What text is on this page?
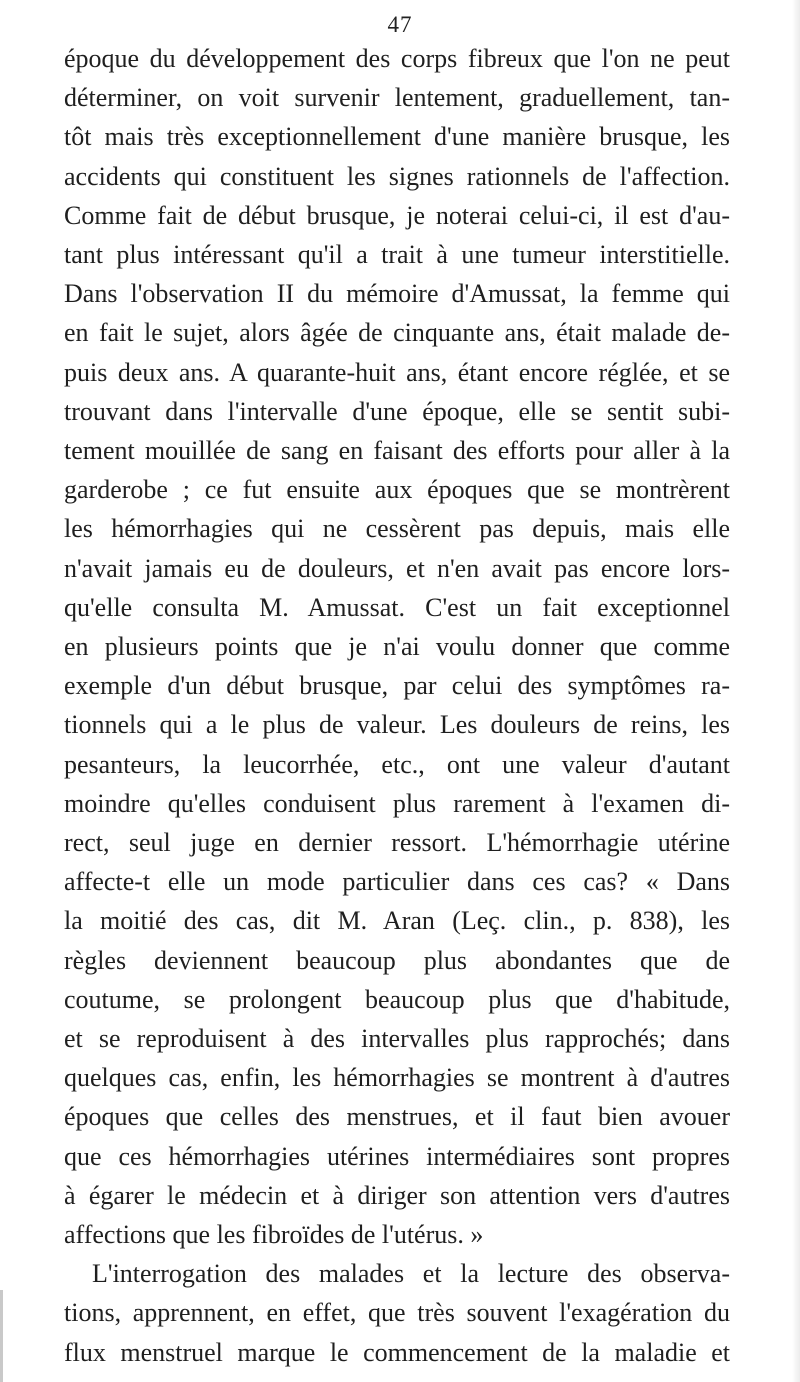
47
époque du développement des corps fibreux que l'on ne peut
déterminer, on voit survenir lentement, graduellement, tan-
tôt mais très exceptionnellement d'une manière brusque, les
accidents qui constituent les signes rationnels de l'affection.
Comme fait de début brusque, je noterai celui-ci, il est d'au-
tant plus intéressant qu'il a trait à une tumeur interstitielle.
Dans l'observation II du mémoire d'Amussat, la femme qui
en fait le sujet, alors âgée de cinquante ans, était malade de-
puis deux ans. A quarante-huit ans, étant encore réglée, et se
trouvant dans l'intervalle d'une époque, elle se sentit subi-
tement mouillée de sang en faisant des efforts pour aller à la
garderobe ; ce fut ensuite aux époques que se montrèrent
les hémorrhagies qui ne cessèrent pas depuis, mais elle
n'avait jamais eu de douleurs, et n'en avait pas encore lors-
qu'elle consulta M. Amussat. C'est un fait exceptionnel
en plusieurs points que je n'ai voulu donner que comme
exemple d'un début brusque, par celui des symptômes ra-
tionnels qui a le plus de valeur. Les douleurs de reins, les
pesanteurs, la leucorrhée, etc., ont une valeur d'autant
moindre qu'elles conduisent plus rarement à l'examen di-
rect, seul juge en dernier ressort. L'hémorrhagie utérine
affecte-t elle un mode particulier dans ces cas? « Dans
la moitié des cas, dit M. Aran (Leç. clin., p. 838), les
règles deviennent beaucoup plus abondantes que de
coutume, se prolongent beaucoup plus que d'habitude,
et se reproduisent à des intervalles plus rapprochés; dans
quelques cas, enfin, les hémorrhagies se montrent à d'autres
époques que celles des menstrues, et il faut bien avouer
que ces hémorrhagies utérines intermédiaires sont propres
à égarer le médecin et à diriger son attention vers d'autres
affections que les fibroïdes de l'utérus. »
L'interrogation des malades et la lecture des observa-
tions, apprennent, en effet, que très souvent l'exagération du
flux menstruel marque le commencement de la maladie et
